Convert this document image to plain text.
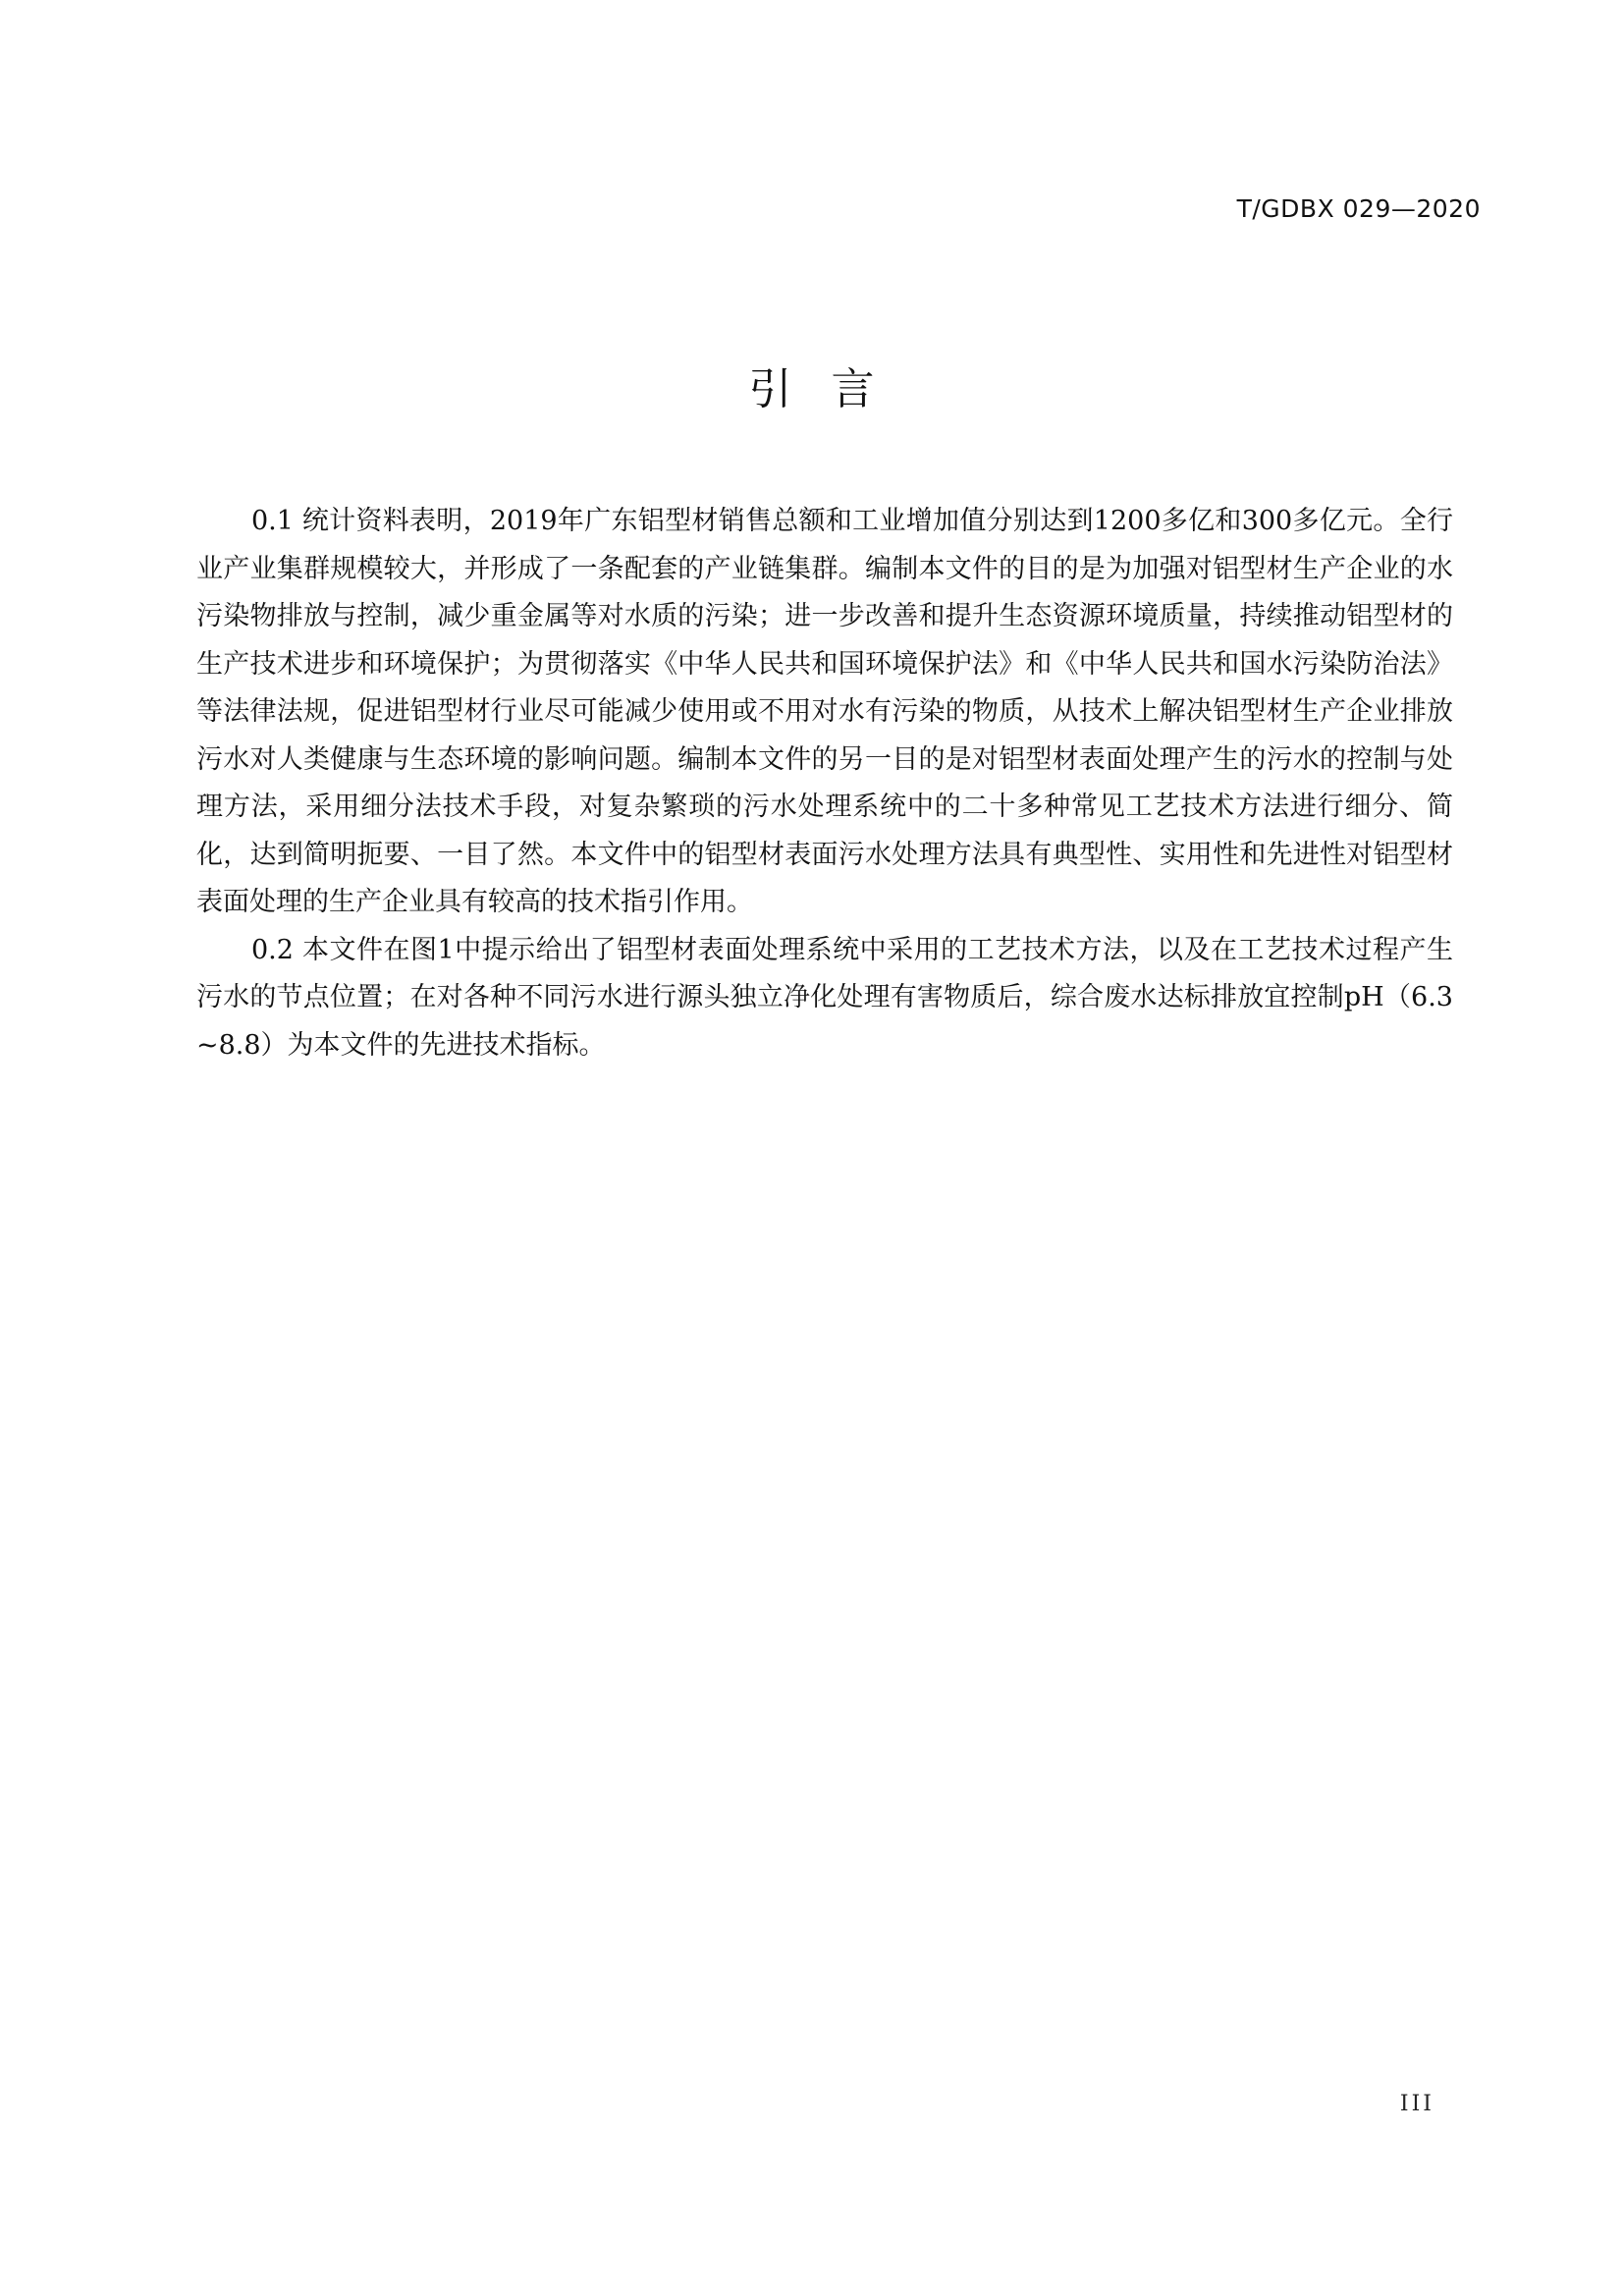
T/GDBX 029—2020
引言

0.1 统计资料表明，2019年广东铝型材销售总额和工业增加值分别达到1200多亿和300多亿元。全行业产业集群规模较大，并形成了一条配套的产业链集群。编制本文件的目的是为加强对铝型材生产企业的水污染物排放与控制，减少重金属等对水质的污染；进一步改善和提升生态资源环境质量，持续推动铝型材的生产技术进步和环境保护；为贯彻落实《中华人民共和国环境保护法》和《中华人民共和国水污染防治法》等法律法规，促进铝型材行业尽可能减少使用或不用对水有污染的物质，从技术上解决铝型材生产企业排放污水对人类健康与生态环境的影响问题。编制本文件的另一目的是对铝型材表面处理产生的污水的控制与处理方法，采用细分法技术手段，对复杂繁琐的污水处理系统中的二十多种常见工艺技术方法进行细分、简化，达到简明扼要、一目了然。本文件中的铝型材表面污水处理方法具有典型性、实用性和先进性对铝型材表面处理的生产企业具有较高的技术指引作用。

0.2 本文件在图1中提示给出了铝型材表面处理系统中采用的工艺技术方法，以及在工艺技术过程产生污水的节点位置；在对各种不同污水进行源头独立净化处理有害物质后，综合废水达标排放宜控制pH（6.3~8.8）为本文件的先进技术指标。

III
